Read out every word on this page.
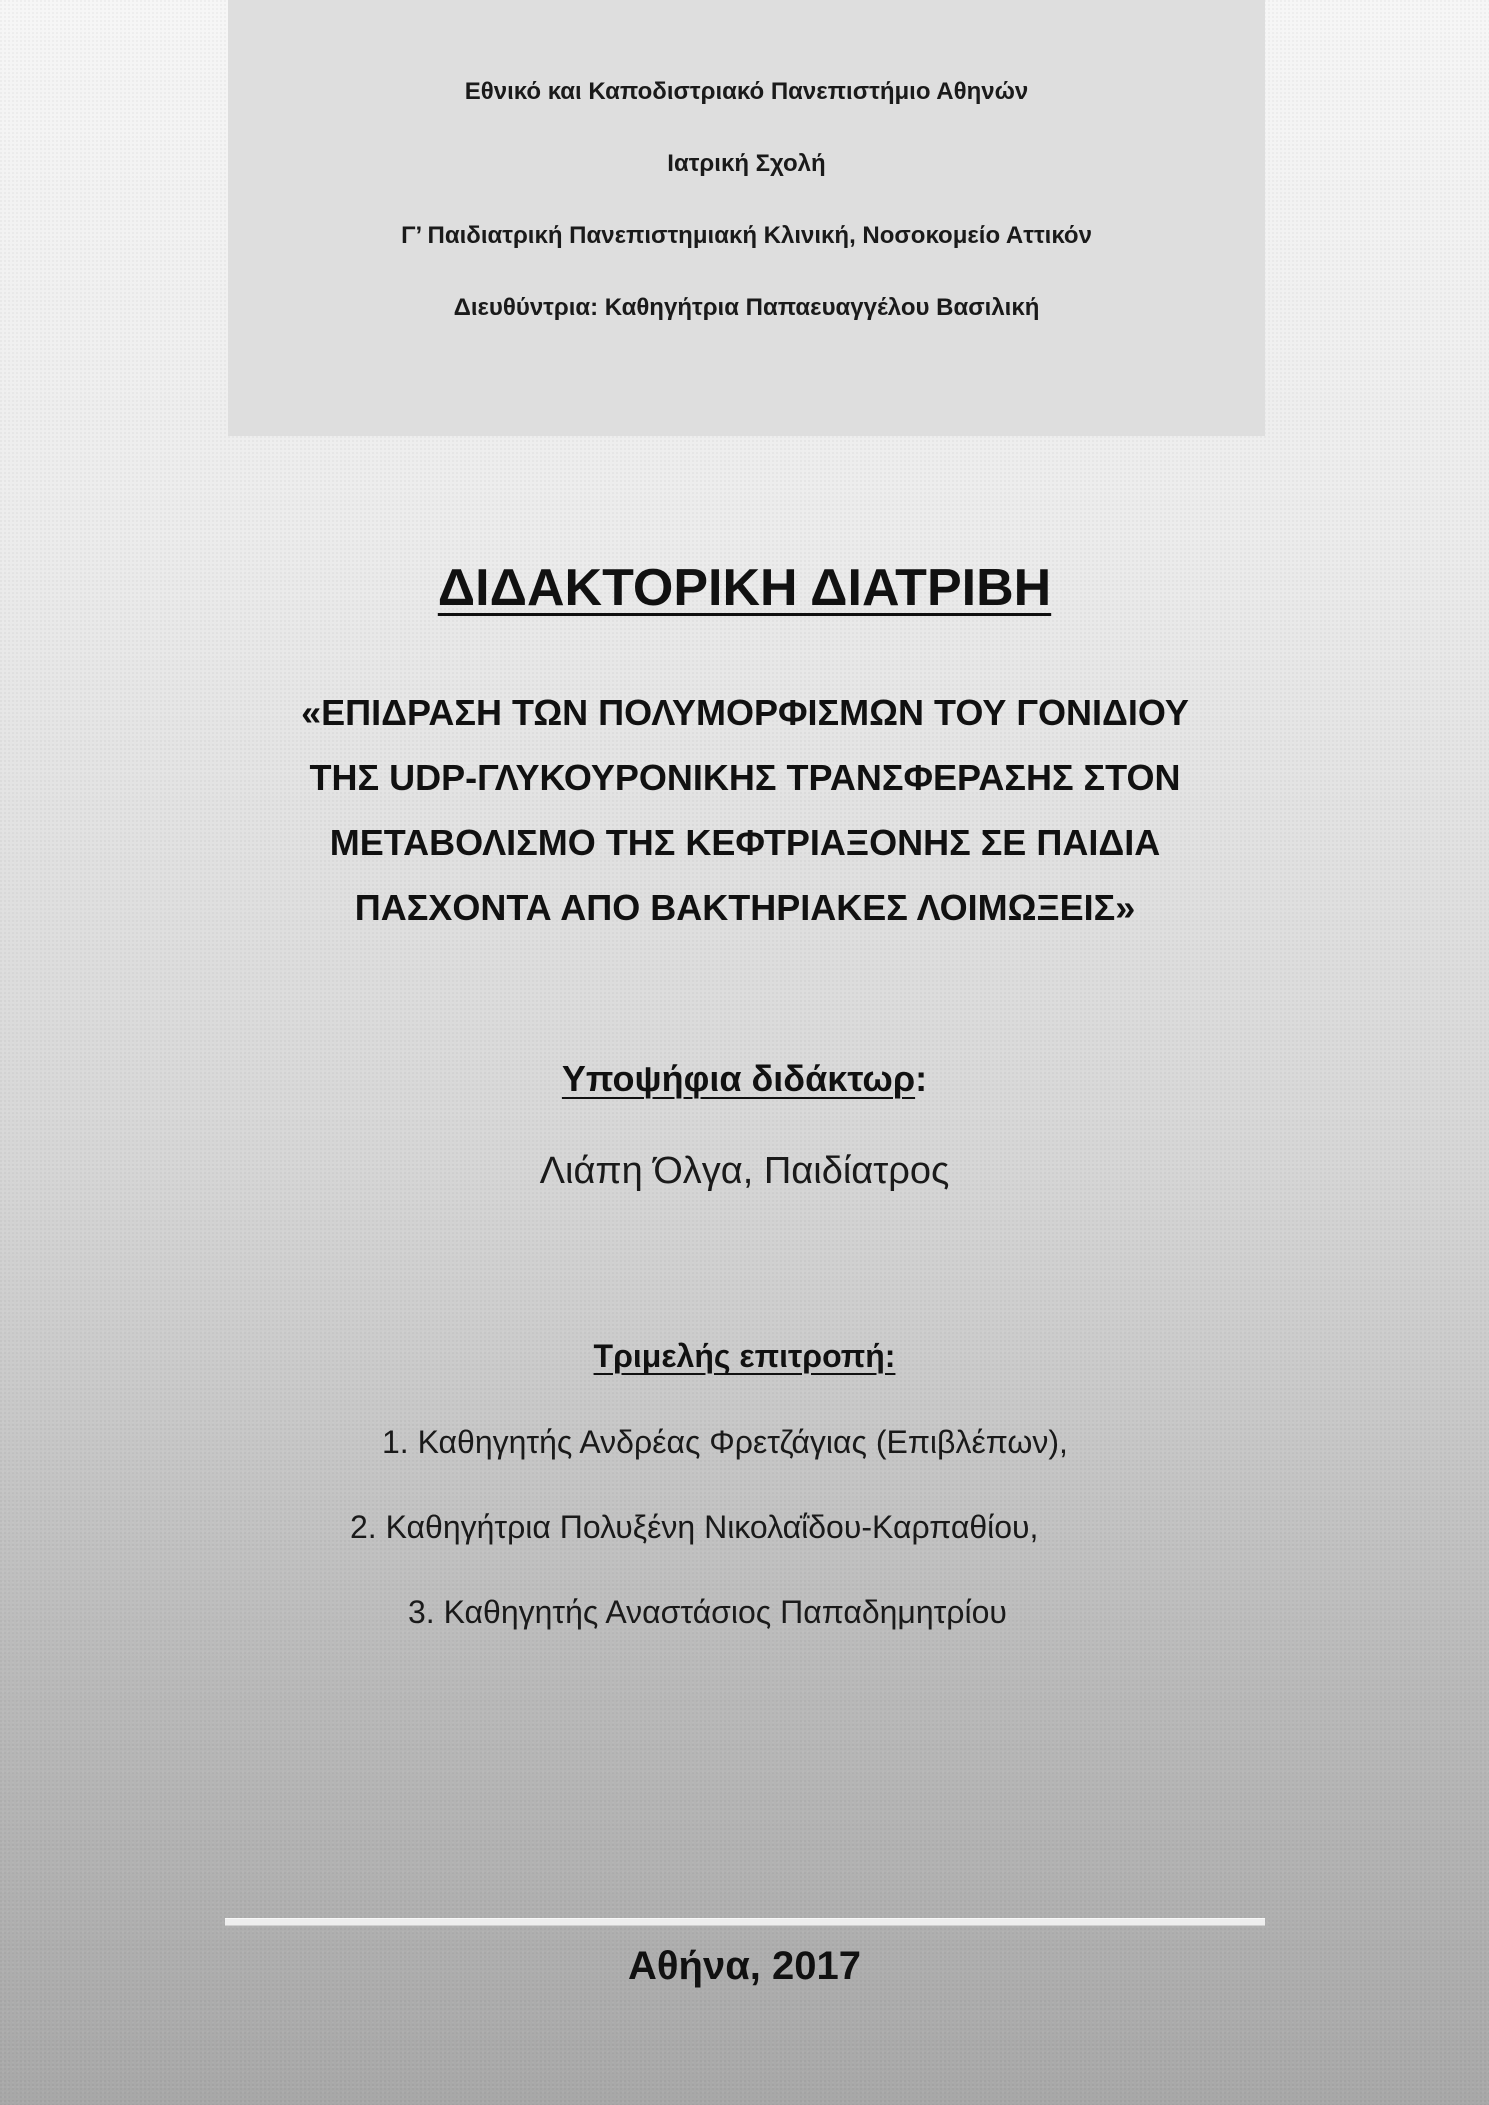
Εθνικό και Καποδιστριακό Πανεπιστήμιο Αθηνών
Ιατρική Σχολή
Γ’ Παιδιατρική Πανεπιστημιακή Κλινική, Νοσοκομείο Αττικόν
Διευθύντρια: Καθηγήτρια Παπαευαγγέλου Βασιλική
ΔΙΔΑΚΤΟΡΙΚΗ ΔΙΑΤΡΙΒΗ
«ΕΠΙΔΡΑΣΗ ΤΩΝ ΠΟΛΥΜΟΡΦΙΣΜΩΝ ΤΟΥ ΓΟΝΙΔΙΟΥ
ΤΗΣ UDP-ΓΛΥΚΟΥΡΟΝΙΚΗΣ ΤΡΑΝΣΦΕΡΑΣΗΣ ΣΤΟΝ
ΜΕΤΑΒΟΛΙΣΜΟ ΤΗΣ ΚΕΦΤΡΙΑΞΟΝΗΣ ΣΕ ΠΑΙΔΙΑ
ΠΑΣΧΟΝΤΑ ΑΠΟ ΒΑΚΤΗΡΙΑΚΕΣ ΛΟΙΜΩΞΕΙΣ»
Υποψήφια διδάκτωρ:
Λιάπη Όλγα, Παιδίατρος
Τριμελής επιτροπή:
1. Καθηγητής Ανδρέας Φρετζάγιας (Επιβλέπων),
2. Καθηγήτρια Πολυξένη Νικολαΐδου-Καρπαθίου,
3. Καθηγητής Αναστάσιος Παπαδημητρίου
Αθήνα, 2017
